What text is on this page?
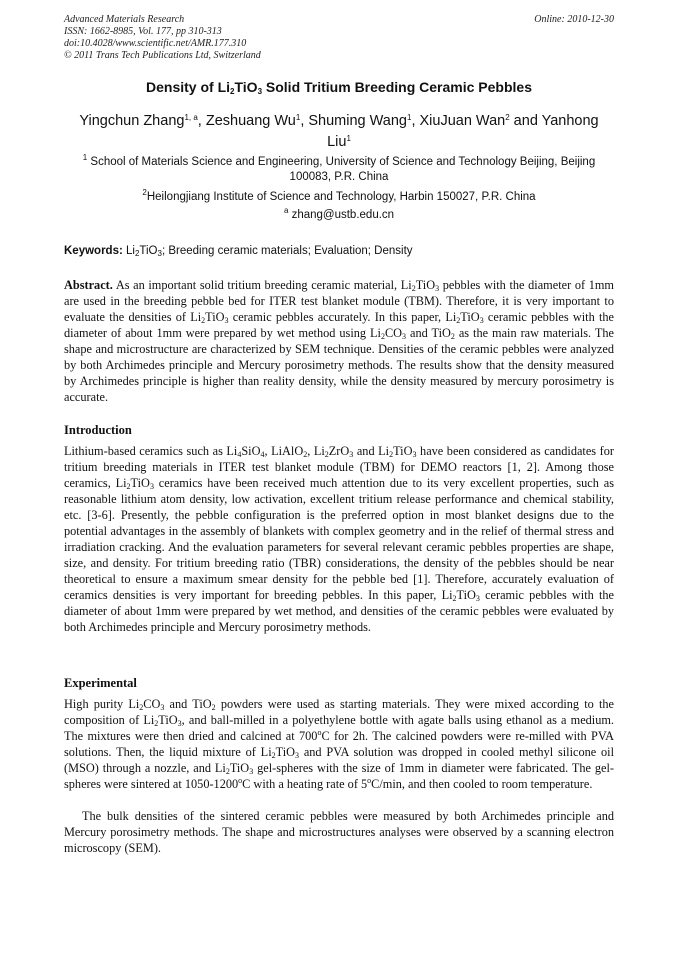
Advanced Materials Research
ISSN: 1662-8985, Vol. 177, pp 310-313
doi:10.4028/www.scientific.net/AMR.177.310
© 2011 Trans Tech Publications Ltd, Switzerland
Online: 2010-12-30
Density of $Li_2TiO_3$ Solid Tritium Breeding Ceramic Pebbles
Yingchun Zhang$^{1, a}$, Zeshuang Wu$^1$, Shuming Wang$^1$, XiuJuan Wan$^2$ and Yanhong Liu$^1$
$^1$ School of Materials Science and Engineering, University of Science and Technology Beijing, Beijing 100083, P.R. China
$^2$Heilongjiang Institute of Science and Technology, Harbin 150027, P.R. China
$^a$ zhang@ustb.edu.cn
Keywords: $Li_2TiO_3$; Breeding ceramic materials; Evaluation; Density
Abstract. As an important solid tritium breeding ceramic material, $Li_2TiO_3$ pebbles with the diameter of 1mm are used in the breeding pebble bed for ITER test blanket module (TBM). Therefore, it is very important to evaluate the densities of $Li_2TiO_3$ ceramic pebbles accurately. In this paper, $Li_2TiO_3$ ceramic pebbles with the diameter of about 1mm were prepared by wet method using $Li_2CO_3$ and TiO$_2$ as the main raw materials. The shape and microstructure are characterized by SEM technique. Densities of the ceramic pebbles were analyzed by both Archimedes principle and Mercury porosimetry methods. The results show that the density measured by Archimedes principle is higher than reality density, while the density measured by mercury porosimetry is accurate.
Introduction
Lithium-based ceramics such as $Li_4SiO_4$, LiAlO$_2$, $Li_2ZrO_3$ and $Li_2TiO_3$ have been considered as candidates for tritium breeding materials in ITER test blanket module (TBM) for DEMO reactors [1, 2]. Among those ceramics, $Li_2TiO_3$ ceramics have been received much attention due to its very excellent properties, such as reasonable lithium atom density, low activation, excellent tritium release performance and chemical stability, etc. [3-6]. Presently, the pebble configuration is the preferred option in most blanket designs due to the potential advantages in the assembly of blankets with complex geometry and in the relief of thermal stress and irradiation cracking. And the evaluation parameters for several relevant ceramic pebbles properties are shape, size, and density. For tritium breeding ratio (TBR) considerations, the density of the pebbles should be near theoretical to ensure a maximum smear density for the pebble bed [1]. Therefore, accurately evaluation of ceramics densities is very important for breeding pebbles. In this paper, $Li_2TiO_3$ ceramic pebbles with the diameter of about 1mm were prepared by wet method, and densities of the ceramic pebbles were evaluated by both Archimedes principle and Mercury porosimetry methods.
Experimental
High purity $Li_2CO_3$ and TiO$_2$ powders were used as starting materials. They were mixed according to the composition of $Li_2TiO_3$, and ball-milled in a polyethylene bottle with agate balls using ethanol as a medium. The mixtures were then dried and calcined at 700$^o$C for 2h. The calcined powders were re-milled with PVA solutions. Then, the liquid mixture of $Li_2TiO_3$ and PVA solution was dropped in cooled methyl silicone oil (MSO) through a nozzle, and $Li_2TiO_3$ gel-spheres with the size of 1mm in diameter were fabricated. The gel-spheres were sintered at 1050-1200$^o$C with a heating rate of 5$^o$C/min, and then cooled to room temperature.
The bulk densities of the sintered ceramic pebbles were measured by both Archimedes principle and Mercury porosimetry methods. The shape and microstructures analyses were observed by a scanning electron microscopy (SEM).
